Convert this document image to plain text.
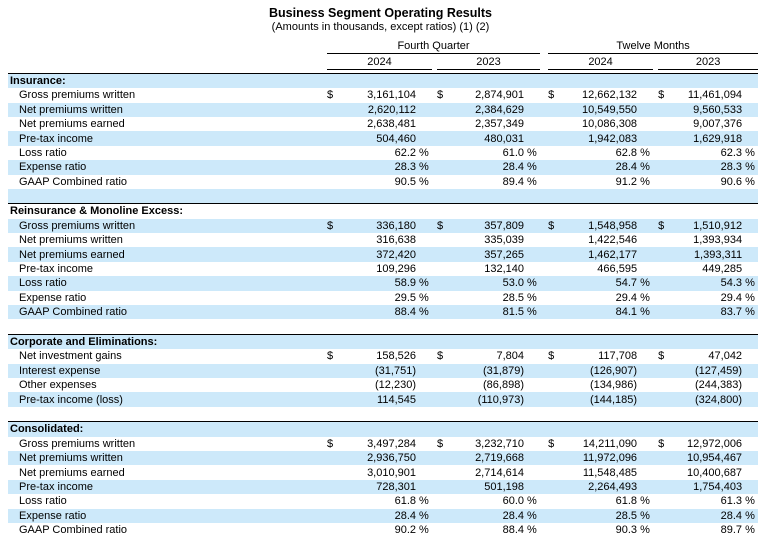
Business Segment Operating Results
(Amounts in thousands, except ratios) (1) (2)
	Fourth Quarter								Twelve Months						
	2024				2023				2024				2023		

Insurance:															
Gross premiums written	$	3,161,104			$	2,874,901			$	12,662,132			$	11,461,094	
Net premiums written		2,620,112				2,384,629				10,549,550				9,560,533	
Net premiums earned		2,638,481				2,357,349				10,086,308				9,007,376	
Pre-tax income		504,460				480,031				1,942,083				1,629,918	
Loss ratio		62.2	%			61.0	%			62.8	%			62.3	%
Expense ratio		28.3	%			28.4	%			28.4	%			28.3	%
GAAP Combined ratio		90.5	%			89.4	%			91.2	%			90.6	%

Reinsurance & Monoline Excess:															
Gross premiums written	$	336,180			$	357,809			$	1,548,958			$	1,510,912	
Net premiums written		316,638				335,039				1,422,546				1,393,934	
Net premiums earned		372,420				357,265				1,462,177				1,393,311	
Pre-tax income		109,296				132,140				466,595				449,285	
Loss ratio		58.9	%			53.0	%			54.7	%			54.3	%
Expense ratio		29.5	%			28.5	%			29.4	%			29.4	%
GAAP Combined ratio		88.4	%			81.5	%			84.1	%			83.7	%

Corporate and Eliminations:															
Net investment gains	$	158,526			$	7,804			$	117,708			$	47,042	
Interest expense		(31,751)				(31,879)				(126,907)				(127,459)	
Other expenses		(12,230)				(86,898)				(134,986)				(244,383)	
Pre-tax income (loss)		114,545				(110,973)				(144,185)				(324,800)	

Consolidated:															
Gross premiums written	$	3,497,284			$	3,232,710			$	14,211,090			$	12,972,006	
Net premiums written		2,936,750				2,719,668				11,972,096				10,954,467	
Net premiums earned		3,010,901				2,714,614				11,548,485				10,400,687	
Pre-tax income		728,301				501,198				2,264,493				1,754,403	
Loss ratio		61.8	%			60.0	%			61.8	%			61.3	%
Expense ratio		28.4	%			28.4	%			28.5	%			28.4	%
GAAP Combined ratio		90.2	%			88.4	%			90.3	%			89.7	%
